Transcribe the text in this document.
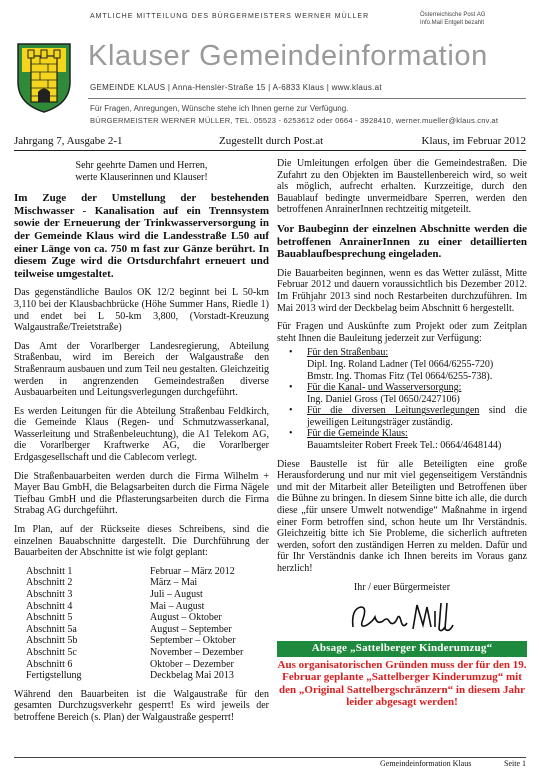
AMTLICHE MITTEILUNG DES BÜRGERMEISTERS WERNER MÜLLER	Österreichische Post AG
Info.Mail Entgelt bezahlt
Klauser Gemeindeinformation
GEMEINDE KLAUS | Anna-Hensler-Straße 15 | A-6833 Klaus | www.klaus.at
Für Fragen, Anregungen, Wünsche stehe ich Ihnen gerne zur Verfügung.
BÜRGERMEISTER WERNER MÜLLER, TEL. 05523 - 6253612 oder 0664 - 3928410, werner.mueller@klaus.cnv.at
Jahrgang 7, Ausgabe 2-1	Zugestellt durch Post.at	Klaus, im Februar 2012
Sehr geehrte Damen und Herren,
werte Klauserinnen und Klauser!

Im Zuge der Umstellung der bestehenden Mischwasser - Kanalisation auf ein Trennsystem sowie der Erneuerung der Trinkwasserversorgung in der Gemeinde Klaus wird die Landesstraße L50 auf einer Länge von ca. 750 m fast zur Gänze berührt. In diesem Zuge wird die Ortsdurchfahrt erneuert und teilweise umgestaltet.

Das gegenständliche Baulos OK 12/2 beginnt bei L 50-km 3,110 bei der Klausbachbrücke (Höhe Summer Hans, Riedle 1) und endet bei L 50-km 3,800, (Vorstadt-Kreuzung Walgaustraße/Treietstraße)

Das Amt der Vorarlberger Landesregierung, Abteilung Straßenbau, wird im Bereich der Walgaustraße den Straßenraum ausbauen und zum Teil neu gestalten. Gleichzeitig werden in angrenzenden Gemeindestraßen diverse Ausbauarbeiten und Leitungsverlegungen durchgeführt.

Es werden Leitungen für die Abteilung Straßenbau Feldkirch, die Gemeinde Klaus (Regen- und Schmutzwasserkanal, Wasserleitung und Straßenbeleuchtung), die A1 Telekom AG, die Vorarlberger Kraftwerke AG, die Vorarlberger Erdgasgesellschaft und die Cablecom verlegt.

Die Straßenbauarbeiten werden durch die Firma Wilhelm + Mayer Bau GmbH, die Belagsarbeiten durch die Firma Nägele Tiefbau GmbH und die Pflasterungsarbeiten durch die Firma Strabag AG durchgeführt.

Im Plan, auf der Rückseite dieses Schreibens, sind die einzelnen Bauabschnitte dargestellt. Die Durchführung der Bauarbeiten der Abschnitte ist wie folgt geplant:

Abschnitt 1	Februar – März 2012
Abschnitt 2	März – Mai
Abschnitt 3	Juli – August
Abschnitt 4	Mai – August
Abschnitt 5	August – Oktober
Abschnitt 5a	August – September
Abschnitt 5b	September – Oktober
Abschnitt 5c	November – Dezember
Abschnitt 6	Oktober – Dezember
Fertigstellung	Deckbelag Mai 2013

Während den Bauarbeiten ist die Walgaustraße für den gesamten Durchzugsverkehr gesperrt! Es wird jeweils der betroffene Bereich (s. Plan) der Walgaustraße gesperrt!

Die Umleitungen erfolgen über die Gemeindestraßen. Die Zufahrt zu den Objekten im Baustellenbereich wird, so weit als möglich, aufrecht erhalten. Kurzzeitige, durch den Bauablauf bedingte unvermeidbare Sperren, werden den betroffenen AnrainerInnen rechtzeitig mitgeteilt.

Vor Baubeginn der einzelnen Abschnitte werden die betroffenen AnrainerInnen zu einer detaillierten Bauablaufbesprechung eingeladen.

Die Bauarbeiten beginnen, wenn es das Wetter zulässt, Mitte Februar 2012 und dauern voraussichtlich bis Dezember 2012. Im Frühjahr 2013 sind noch Restarbeiten durchzuführen. Im Mai 2013 wird der Deckbelag beim Abschnitt 6 hergestellt.

Für Fragen und Auskünfte zum Projekt oder zum Zeitplan steht Ihnen die Bauleitung jederzeit zur Verfügung:

• Für den Straßenbau:
Dipl. Ing. Roland Ladner (Tel 0664/6255-720)
Bmstr. Ing. Thomas Fitz (Tel 0664/6255-738).
• Für die Kanal- und Wasserversorgung:
Ing. Daniel Gross (Tel 0650/2427106)
• Für die diversen Leitungsverlegungen sind die jeweiligen Leitungsträger zuständig.
• Für die Gemeinde Klaus:
Bauamtsleiter Robert Freek Tel.: 0664/4648144)

Diese Baustelle ist für alle Beteiligten eine große Herausforderung und nur mit viel gegenseitigem Verständnis und mit der Mitarbeit aller Beteiligten und Betroffenen über die Bühne zu bringen. In diesem Sinne bitte ich alle, die durch diese „für unsere Umwelt notwendige“ Maßnahme in irgend einer Form betroffen sind, schon heute um Ihr Verständnis. Gleichzeitig bitte ich Sie Probleme, die sicherlich auftreten werden, sofort den zuständigen Herren zu melden. Dafür und für Ihr Verständnis danke ich Ihnen bereits im Voraus ganz herzlich!

Ihr / euer Bürgermeister

Absage „Sattelberger Kinderumzug“

Aus organisatorischen Gründen muss der für den 19. Februar geplante „Sattelberger Kinderumzug“ mit den „Original Sattelbergschränzern“ in diesem Jahr leider abgesagt werden!

Gemeindeinformation Klaus	Seite 1
